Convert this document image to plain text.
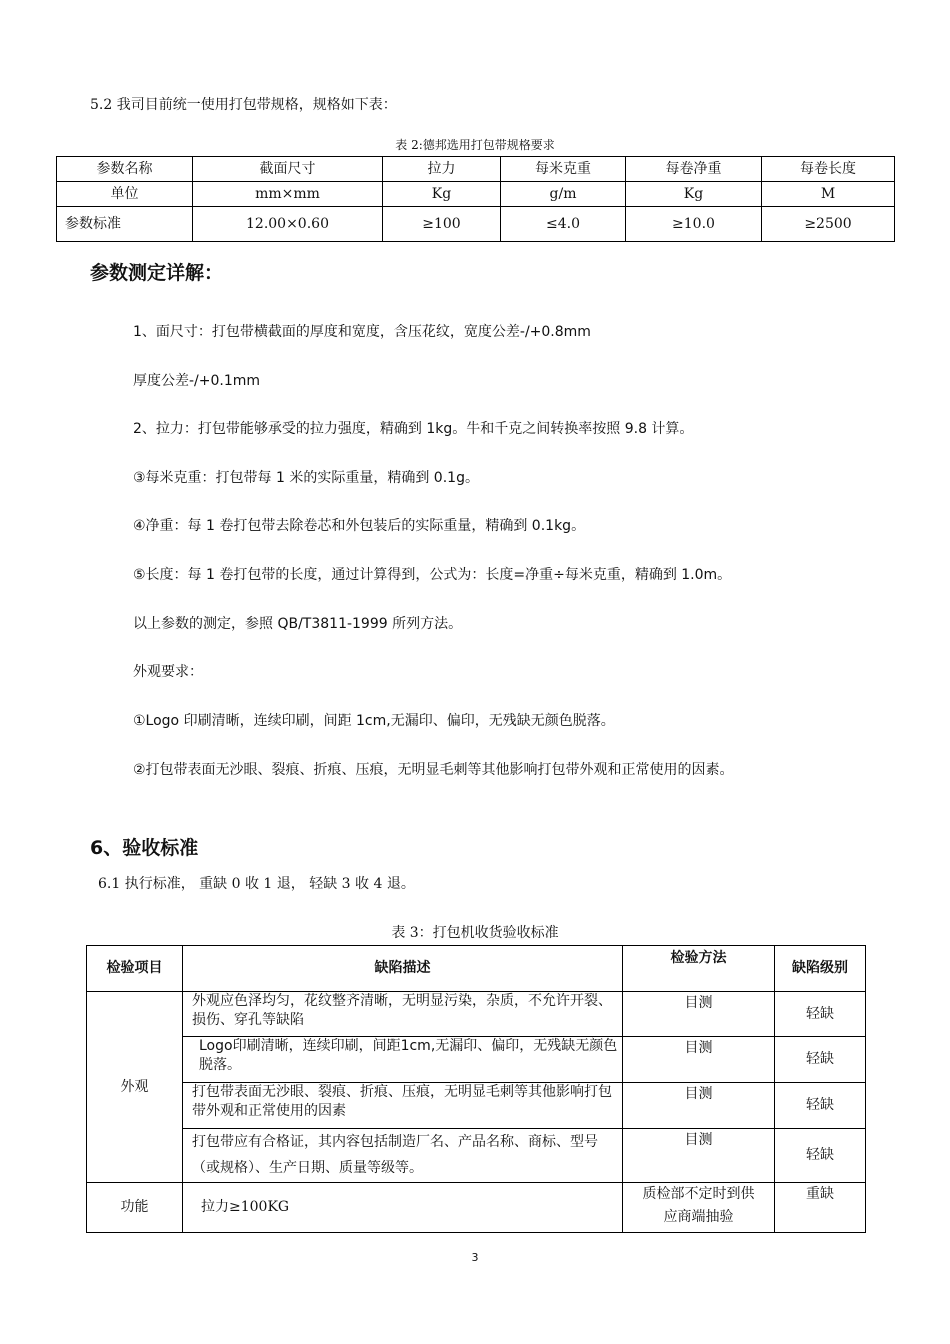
5.2 我司目前统一使用打包带规格，规格如下表：
表 2:德邦选用打包带规格要求
参数名称	截面尺寸	拉力	每米克重	每卷净重	每卷长度
单位	mm×mm	Kg	g/m	Kg	M
参数标准	12.00×0.60	≥100	≤4.0	≥10.0	≥2500
参数测定详解：
1、面尺寸：打包带横截面的厚度和宽度，含压花纹，宽度公差-/+0.8mm
厚度公差-/+0.1mm
2、拉力：打包带能够承受的拉力强度，精确到 1kg。牛和千克之间转换率按照 9.8 计算。
③每米克重：打包带每 1 米的实际重量，精确到 0.1g。
④净重：每 1 卷打包带去除卷芯和外包装后的实际重量，精确到 0.1kg。
⑤长度：每 1 卷打包带的长度，通过计算得到，公式为：长度=净重÷每米克重，精确到 1.0m。
以上参数的测定，参照 QB/T3811-1999 所列方法。
外观要求：
①Logo 印刷清晰，连续印刷，间距 1cm,无漏印、偏印，无残缺无颜色脱落。
②打包带表面无沙眼、裂痕、折痕、压痕，无明显毛刺等其他影响打包带外观和正常使用的因素。
6、验收标准
6.1 执行标准， 重缺 0 收 1 退， 轻缺 3 收 4 退。
表 3：打包机收货验收标准
检验项目	缺陷描述	检验方法	缺陷级别
外观	外观应色泽均匀，花纹整齐清晰，无明显污染，杂质，不允许开裂、损伤、穿孔等缺陷	目测	轻缺
	Logo印刷清晰，连续印刷，间距1cm,无漏印、偏印，无残缺无颜色脱落。	目测	轻缺
	打包带表面无沙眼、裂痕、折痕、压痕，无明显毛刺等其他影响打包带外观和正常使用的因素	目测	轻缺
	打包带应有合格证，其内容包括制造厂名、产品名称、商标、型号（或规格）、生产日期、质量等级等。	目测	轻缺
功能	拉力≥100KG	质检部不定时到供应商端抽验	重缺
3
